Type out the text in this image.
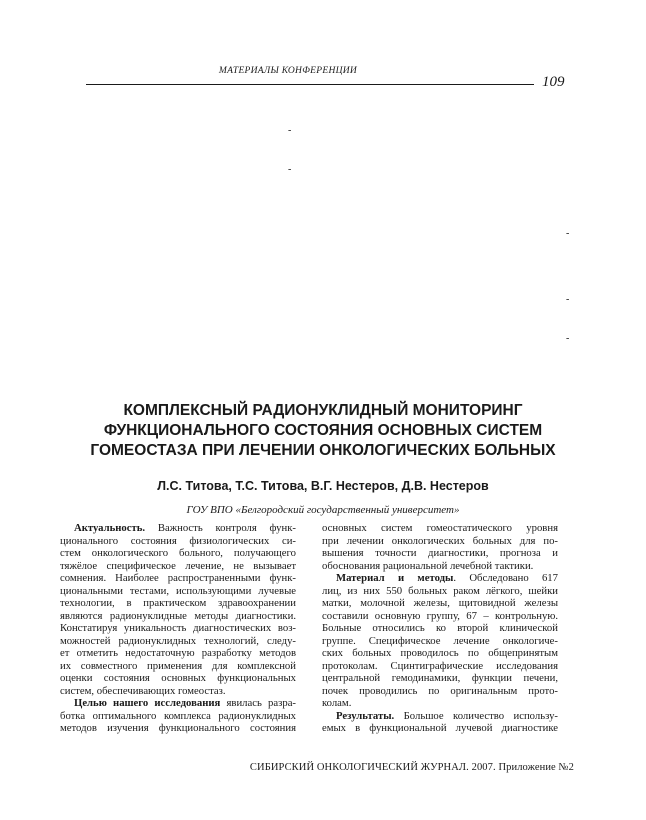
МАТЕРИАЛЫ КОНФЕРЕНЦИИ
109
-
-
-
-
-
КОМПЛЕКСНЫЙ РАДИОНУКЛИДНЫЙ МОНИТОРИНГ
ФУНКЦИОНАЛЬНОГО СОСТОЯНИЯ ОСНОВНЫХ СИСТЕМ
ГОМЕОСТАЗА ПРИ ЛЕЧЕНИИ ОНКОЛОГИЧЕСКИХ БОЛЬНЫХ
Л.С. Титова, Т.С. Титова, В.Г. Нестеров, Д.В. Нестеров
ГОУ ВПО «Белгородский государственный университет»
Актуальность. Важность контроля функ-
ционального состояния физиологических си-
стем онкологического больного, получающего
тяжёлое специфическое лечение, не вызывает
сомнения. Наиболее распространенными функ-
циональными тестами, использующими лучевые
технологии, в практическом здравоохранении
являются радионуклидные методы диагностики.
Констатируя уникальность диагностических воз-
можностей радионуклидных технологий, следу-
ет отметить недостаточную разработку методов
их совместного применения для комплексной
оценки состояния основных функциональных
систем, обеспечивающих гомеостаз.
Целью нашего исследования явилась разра-
ботка оптимального комплекса радионуклидных
методов изучения функционального состояния
основных систем гомеостатического уровня
при лечении онкологических больных для по-
вышения точности диагностики, прогноза и
обоснования рациональной лечебной тактики.
Материал и методы. Обследовано 617
лиц, из них 550 больных раком лёгкого, шейки
матки, молочной железы, щитовидной железы
составили основную группу, 67 – контрольную.
Больные относились ко второй клинической
группе. Специфическое лечение онкологиче-
ских больных проводилось по общепринятым
протоколам. Сцинтиграфические исследования
центральной гемодинамики, функции печени,
почек проводились по оригинальным прото-
колам.
Результаты. Большое количество использу-
емых в функциональной лучевой диагностике
СИБИРСКИЙ ОНКОЛОГИЧЕСКИЙ ЖУРНАЛ. 2007. Приложение №2
